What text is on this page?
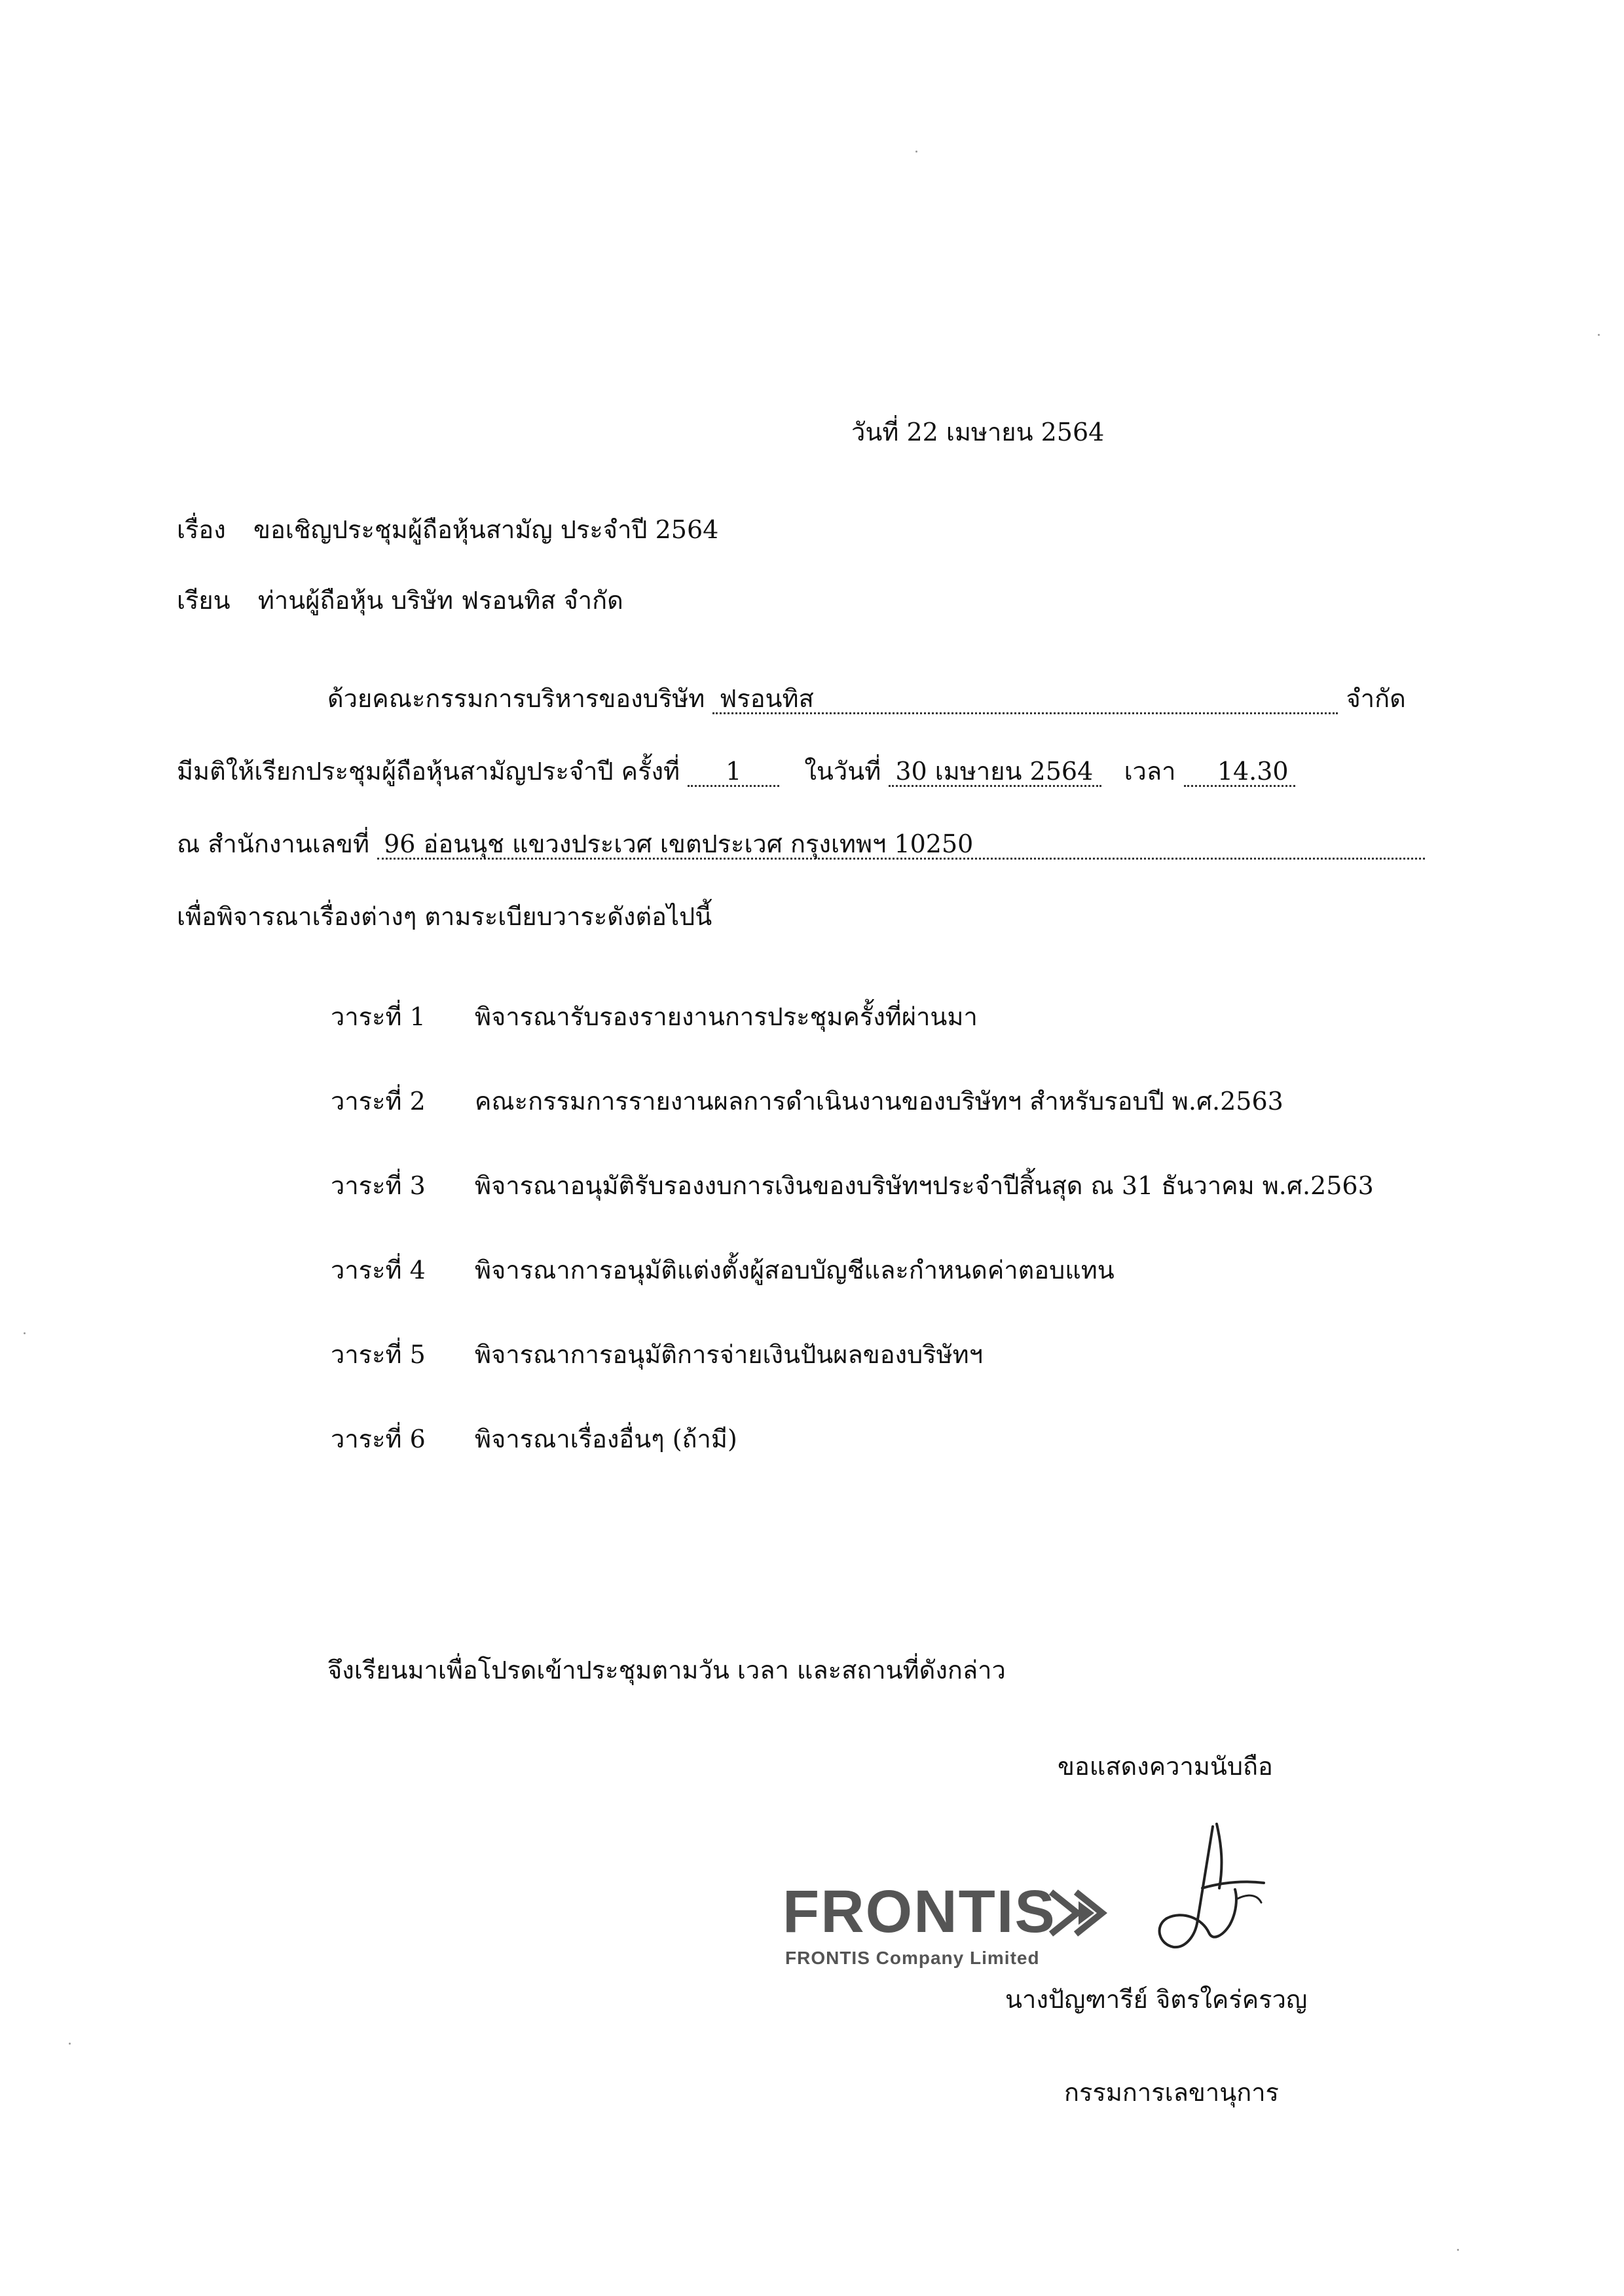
วันที่ 22 เมษายน 2564
เรื่อง ขอเชิญประชุมผู้ถือหุ้นสามัญ ประจำปี 2564
เรียน ท่านผู้ถือหุ้น บริษัท ฟรอนทิส จำกัด
ด้วยคณะกรรมการบริหารของบริษัท ฟรอนทิส	จำกัด
มีมติให้เรียกประชุมผู้ถือหุ้นสามัญประจำปี ครั้งที่ 1	ในวันที่ 30 เมษายน 2564 เวลา 14.30
ณ สำนักงานเลขที่ 96 อ่อนนุช แขวงประเวศ เขตประเวศ กรุงเทพฯ 10250
เพื่อพิจารณาเรื่องต่างๆ ตามระเบียบวาระดังต่อไปนี้
วาระที่ 1 พิจารณารับรองรายงานการประชุมครั้งที่ผ่านมา
วาระที่ 2 คณะกรรมการรายงานผลการดำเนินงานของบริษัทฯ สำหรับรอบปี พ.ศ.2563
วาระที่ 3 พิจารณาอนุมัติรับรองงบการเงินของบริษัทฯประจำปีสิ้นสุด ณ 31 ธันวาคม พ.ศ.2563
วาระที่ 4 พิจารณาการอนุมัติแต่งตั้งผู้สอบบัญชีและกำหนดค่าตอบแทน
วาระที่ 5 พิจารณาการอนุมัติการจ่ายเงินปันผลของบริษัทฯ
วาระที่ 6 พิจารณาเรื่องอื่นๆ (ถ้ามี)
จึงเรียนมาเพื่อโปรดเข้าประชุมตามวัน เวลา และสถานที่ดังกล่าว
ขอแสดงความนับถือ
FRONTIS
FRONTIS Company Limited
นางปัญฑารีย์ จิตรใคร่ครวญ
กรรมการเลขานุการ
